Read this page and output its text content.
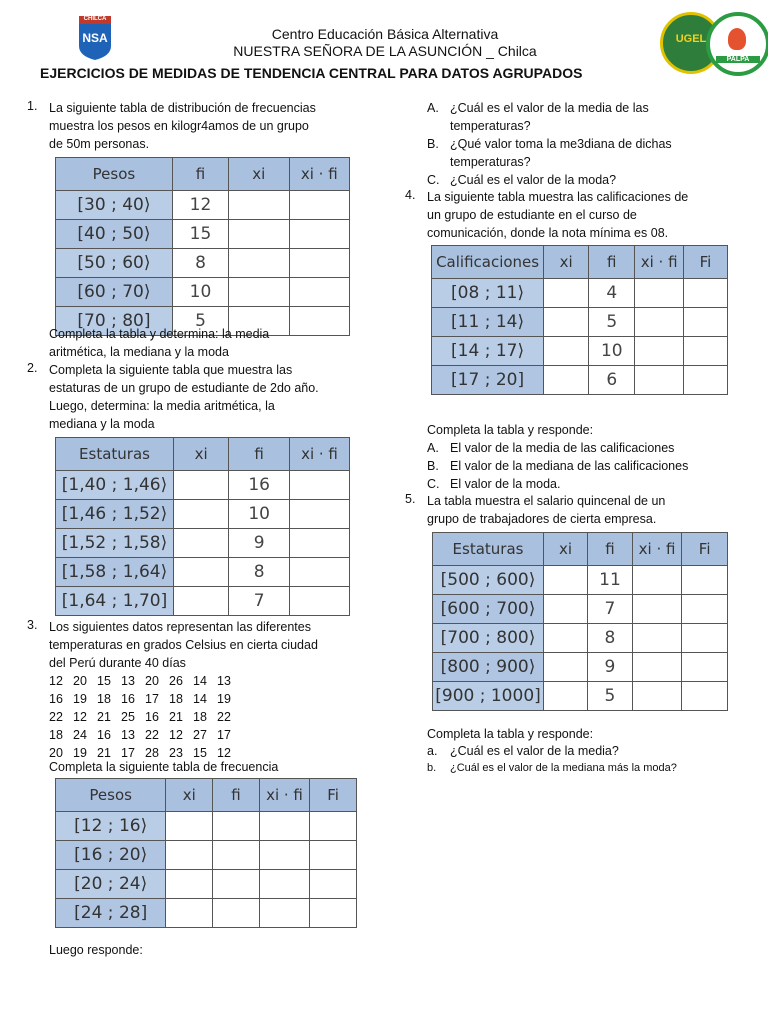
CHILCA
NSA	Centro Educación Básica Alternativa
NUESTRA SEÑORA DE LA ASUNCIÓN _ Chilca
EJERCICIOS DE MEDIDAS DE TENDENCIA CENTRAL PARA DATOS AGRUPADOS
UGEL
PALPA
1. La siguiente tabla de distribución de frecuencias
muestra los pesos en kilogr4amos de un grupo
de 50m personas.
Pesos	fi	xi	xi · fi
[30 ; 40⟩	12		
[40 ; 50⟩	15		
[50 ; 60⟩	8		
[60 ; 70⟩	10		
[70 ; 80]	5		
Completa la tabla y determina: la media
aritmética, la mediana y la moda
2. Completa la siguiente tabla que muestra las
estaturas de un grupo de estudiante de 2do año.
Luego, determina: la media aritmética, la
mediana y la moda
Estaturas	xi	fi	xi · fi
[1,40 ; 1,46⟩		16	
[1,46 ; 1,52⟩		10	
[1,52 ; 1,58⟩		9	
[1,58 ; 1,64⟩		8	
[1,64 ; 1,70]		7	
3. Los siguientes datos representan las diferentes
temperaturas en grados Celsius en cierta ciudad
del Perú durante 40 días
12 20 15 13 20 26 14 13
16 19 18 16 17 18 14 19
22 12 21 25 16 21 18 22
18 24 16 13 22 12 27 17
20 19 21 17 28 23 15 12
Completa la siguiente tabla de frecuencia
Pesos	xi	fi	xi · fi	Fi
[12 ; 16⟩				
[16 ; 20⟩				
[20 ; 24⟩				
[24 ; 28]				
Luego responde:
A. ¿Cuál es el valor de la media de las
temperaturas?
B. ¿Qué valor toma la me3diana de dichas
temperaturas?
C. ¿Cuál es el valor de la moda?
4. La siguiente tabla muestra las calificaciones de
un grupo de estudiante en el curso de
comunicación, donde la nota mínima es 08.
Calificaciones	xi	fi	xi · fi	Fi
[08 ; 11⟩		4		
[11 ; 14⟩		5		
[14 ; 17⟩		10		
[17 ; 20]		6		
Completa la tabla y responde:
A. El valor de la media de las calificaciones
B. El valor de la mediana de las calificaciones
C. El valor de la moda.
5. La tabla muestra el salario quincenal de un
grupo de trabajadores de cierta empresa.
Estaturas	xi	fi	xi · fi	Fi
[500 ; 600⟩		11		
[600 ; 700⟩		7		
[700 ; 800⟩		8		
[800 ; 900⟩		9		
[900 ; 1000]		5		
Completa la tabla y responde:
a. ¿Cuál es el valor de la media?
b. ¿Cuál es el valor de la mediana más la moda?
